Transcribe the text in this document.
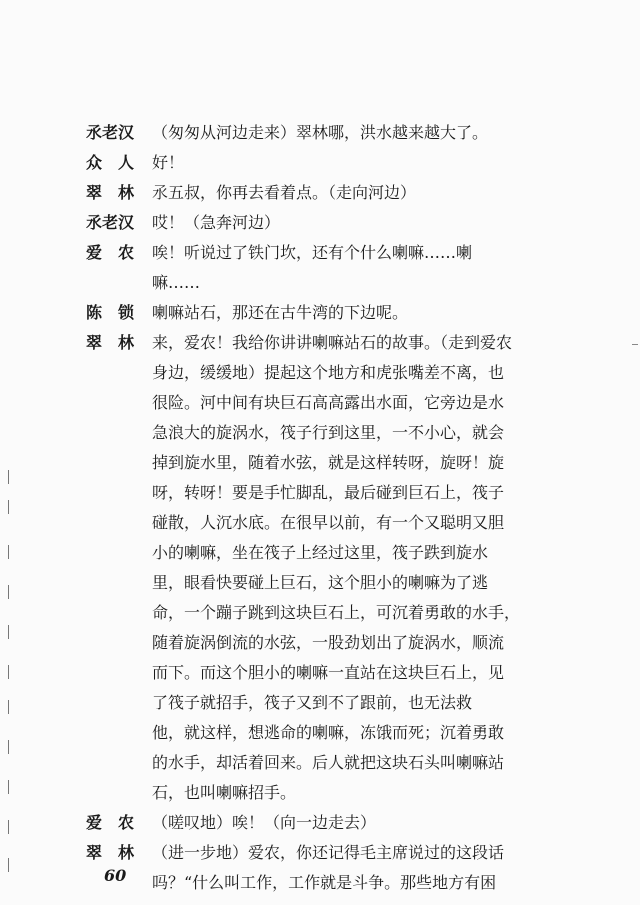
氶老汉	（匆匆从河边走来）翠林哪，洪水越来越大了。
众　人	好！
翠　林	氶五叔，你再去看着点。（走向河边）
氶老汉	哎！（急奔河边）
爱　农	唉！听说过了铁门坎，还有个什么喇嘛……喇
嘛……
陈　锁	喇嘛站石，那还在古牛湾的下边呢。
翠　林	来，爱农！我给你讲讲喇嘛站石的故事。（走到爱农
身边，缓缓地）提起这个地方和虎张嘴差不离，也
很险。河中间有块巨石高高露出水面，它旁边是水
急浪大的旋涡水，筏子行到这里，一不小心，就会
掉到旋水里，随着水弦，就是这样转呀，旋呀！旋
呀，转呀！要是手忙脚乱，最后碰到巨石上，筏子
碰散，人沉水底。在很早以前，有一个又聪明又胆
小的喇嘛，坐在筏子上经过这里，筏子跌到旋水
里，眼看快要碰上巨石，这个胆小的喇嘛为了逃
命，一个蹦子跳到这块巨石上，可沉着勇敢的水手，
随着旋涡倒流的水弦，一股劲划出了旋涡水，顺流
而下。而这个胆小的喇嘛一直站在这块巨石上，见
了筏子就招手，筏子又到不了跟前，也无法救
他，就这样，想逃命的喇嘛，冻饿而死；沉着勇敢
的水手，却活着回来。后人就把这块石头叫喇嘛站
石，也叫喇嘛招手。
爱　农	（嗟叹地）唉！（向一边走去）
翠　林	（进一步地）爱农，你还记得毛主席说过的这段话
吗？“什么叫工作，工作就是斗争。那些地方有困
60
